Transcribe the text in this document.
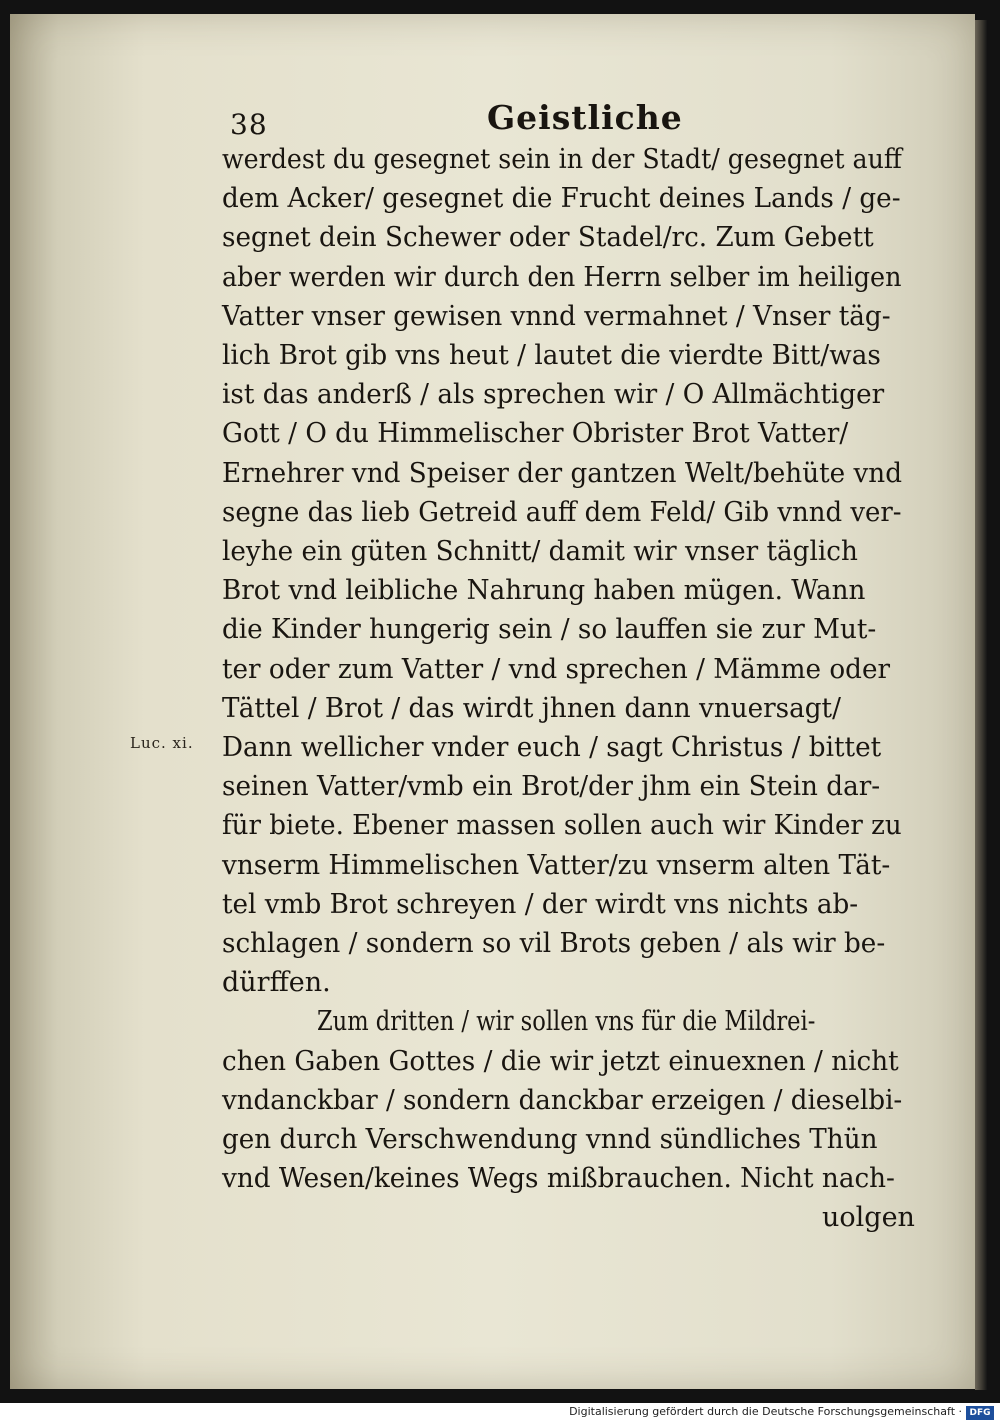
38	Geistliche
Luc. xi.
werdest du gesegnet sein in der Stadt/ gesegnet auff
dem Acker/ gesegnet die Frucht deines Lands / ge-
segnet dein Schewer oder Stadel/rc. Zum Gebett
aber werden wir durch den Herrn selber im heiligen
Vatter vnser gewisen vnnd vermahnet / Vnser täg-
lich Brot gib vns heut / lautet die vierdte Bitt/was
ist das anderß / als sprechen wir / O Allmächtiger
Gott / O du Himmelischer Obrister Brot Vatter/
Ernehrer vnd Speiser der gantzen Welt/behüte vnd
segne das lieb Getreid auff dem Feld/ Gib vnnd ver-
leyhe ein güten Schnitt/ damit wir vnser täglich
Brot vnd leibliche Nahrung haben mügen. Wann
die Kinder hungerig sein / so lauffen sie zur Mut-
ter oder zum Vatter / vnd sprechen / Mämme oder
Tättel / Brot / das wirdt jhnen dann vnuersagt/
Dann wellicher vnder euch / sagt Christus / bittet
seinen Vatter/vmb ein Brot/der jhm ein Stein dar-
für biete. Ebener massen sollen auch wir Kinder zu
vnserm Himmelischen Vatter/zu vnserm alten Tät-
tel vmb Brot schreyen / der wirdt vns nichts ab-
schlagen / sondern so vil Brots geben / als wir be-
dürffen.
Zum dritten / wir sollen vns für die Mildrei-
chen Gaben Gottes / die wir jetzt einuexnen / nicht
vndanckbar / sondern danckbar erzeigen / dieselbi-
gen durch Verschwendung vnnd sündliches Thün
vnd Wesen/keines Wegs mißbrauchen. Nicht nach-
uolgen
Digitalisierung gefördert durch die Deutsche Forschungsgemeinschaft · DFG
